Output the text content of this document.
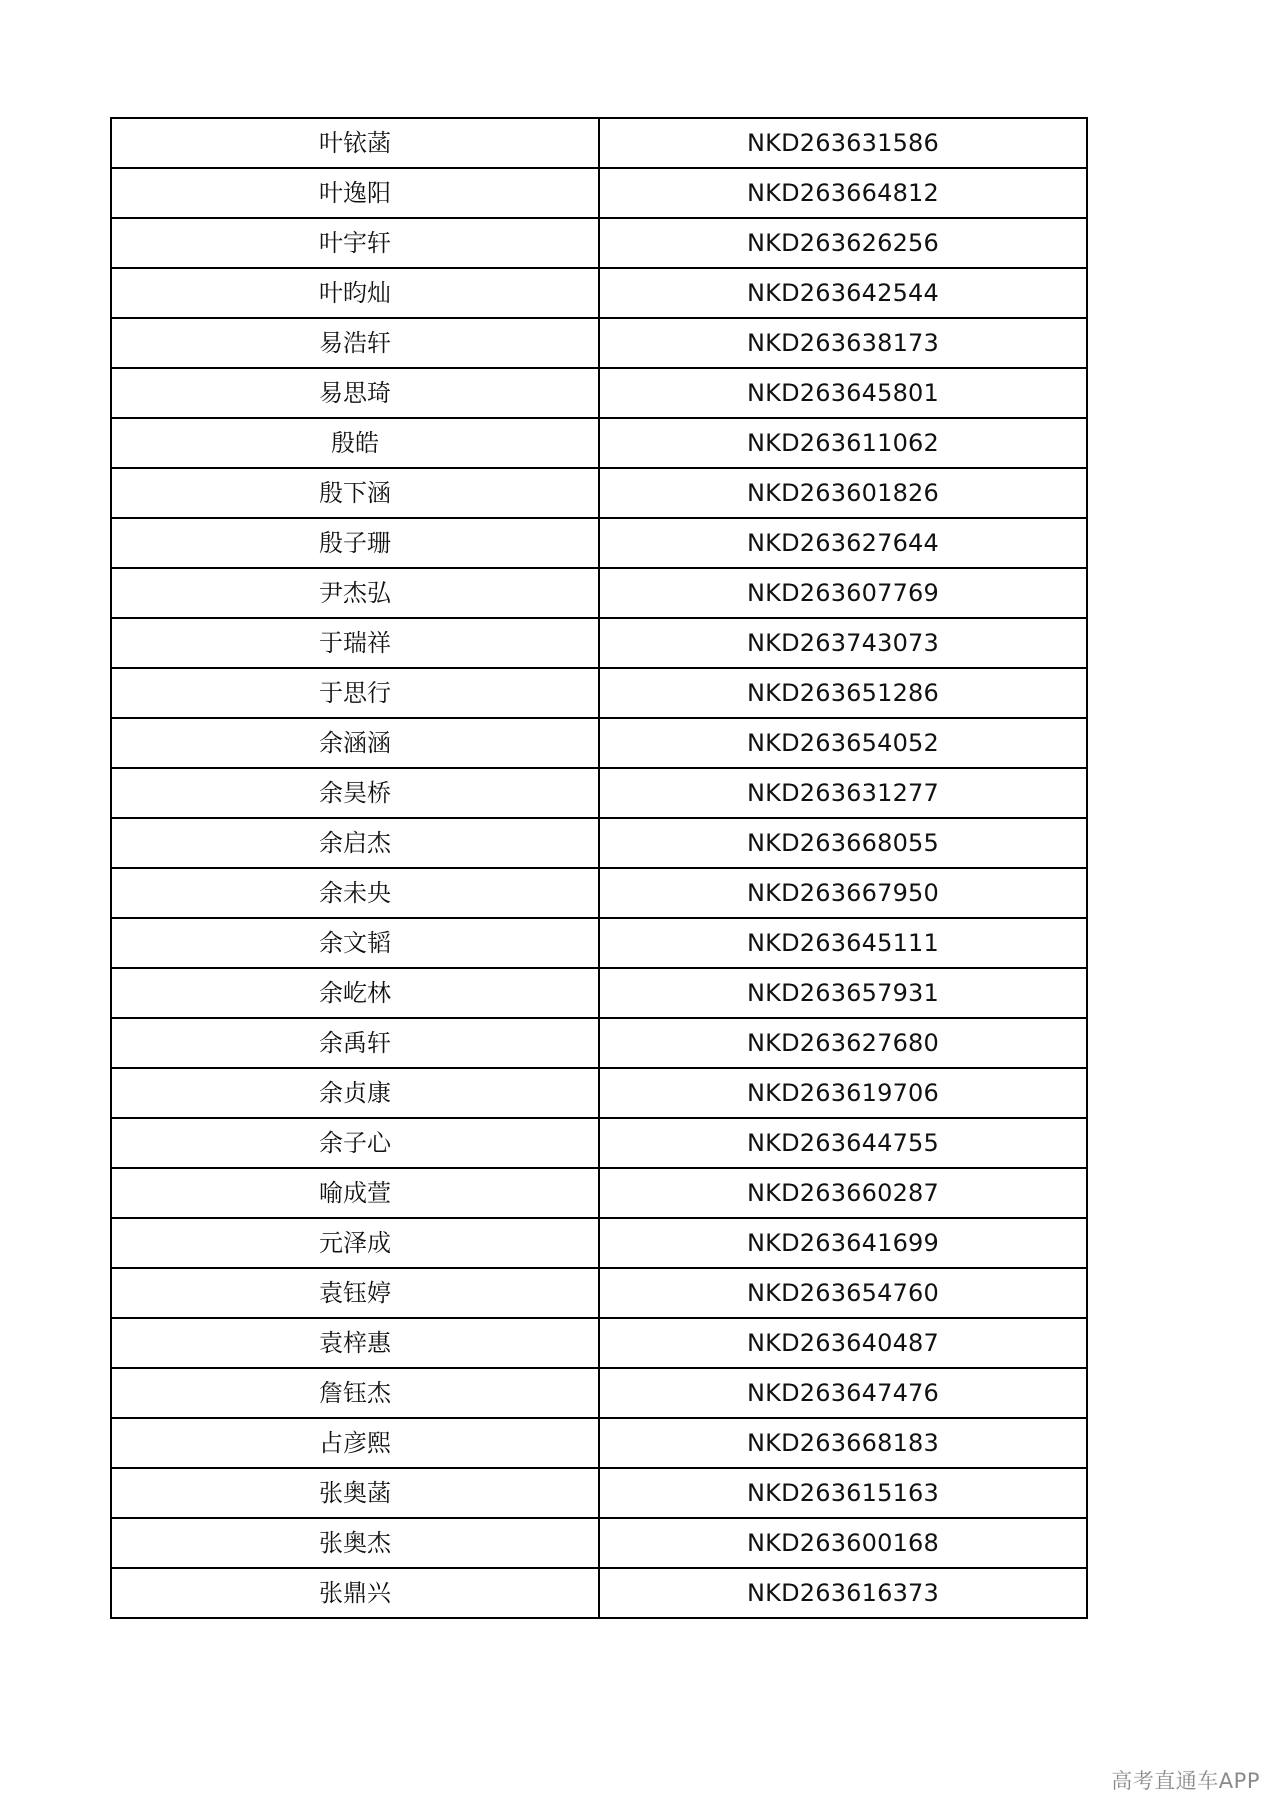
叶铱菡	NKD263631586
叶逸阳	NKD263664812
叶宇轩	NKD263626256
叶昀灿	NKD263642544
易浩轩	NKD263638173
易思琦	NKD263645801
殷皓	NKD263611062
殷下涵	NKD263601826
殷子珊	NKD263627644
尹杰弘	NKD263607769
于瑞祥	NKD263743073
于思行	NKD263651286
余涵涵	NKD263654052
余昊桥	NKD263631277
余启杰	NKD263668055
余未央	NKD263667950
余文韬	NKD263645111
余屹林	NKD263657931
余禹轩	NKD263627680
余贞康	NKD263619706
余子心	NKD263644755
喻成萱	NKD263660287
元泽成	NKD263641699
袁钰婷	NKD263654760
袁梓惠	NKD263640487
詹钰杰	NKD263647476
占彦熙	NKD263668183
张奥菡	NKD263615163
张奥杰	NKD263600168
张鼎兴	NKD263616373
高考直通车APP
